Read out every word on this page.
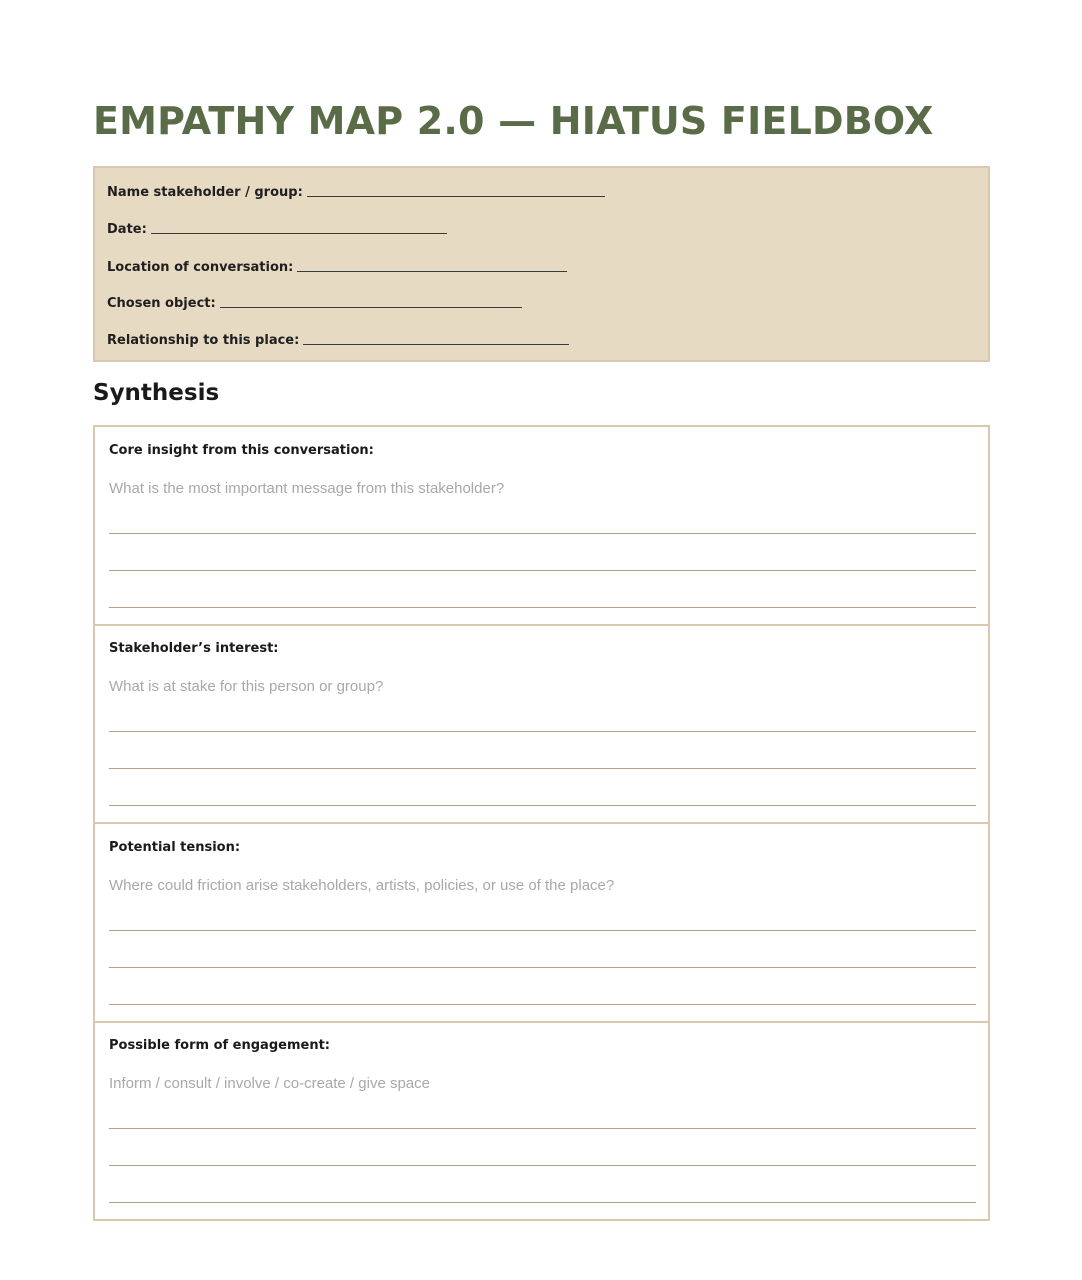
EMPATHY MAP 2.0 — HIATUS FIELDBOX
Name stakeholder / group:
Date:
Location of conversation:
Chosen object:
Relationship to this place:
Synthesis
Core insight from this conversation:
What is the most important message from this stakeholder?
Stakeholder’s interest:
What is at stake for this person or group?
Potential tension:
Where could friction arise stakeholders, artists, policies, or use of the place?
Possible form of engagement:
Inform / consult / involve / co-create / give space
